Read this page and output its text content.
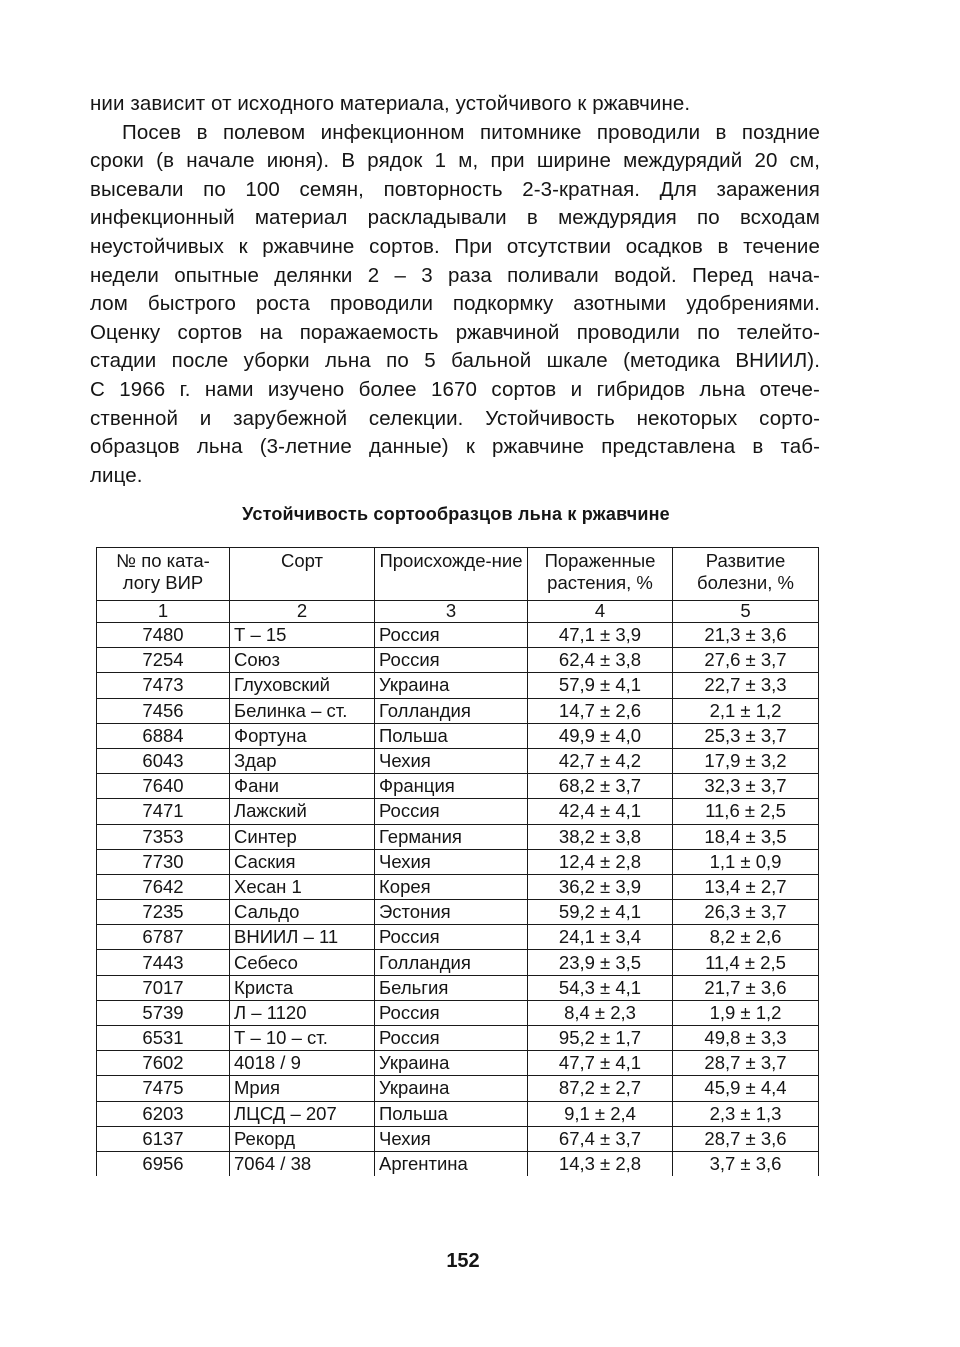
нии зависит от исходного материала, устойчивого к ржавчине.
Посев в полевом инфекционном питомнике проводили в поздние
сроки (в начале июня). В рядок 1 м, при ширине междурядий 20 см,
высевали по 100 семян, повторность 2-3-кратная. Для заражения
инфекционный материал раскладывали в междурядия по всходам
неустойчивых к ржавчине сортов. При отсутствии осадков в течение
недели опытные делянки 2 – 3 раза поливали водой. Перед нача-
лом быстрого роста проводили подкормку азотными удобрениями.
Оценку сортов на поражаемость ржавчиной проводили по телейто-
стадии после уборки льна по 5 бальной шкале (методика ВНИИЛ).
С 1966 г. нами изучено более 1670 сортов и гибридов льна отече-
ственной и зарубежной селекции. Устойчивость некоторых сорто-
образцов льна (3-летние данные) к ржавчине представлена в таб-
лице.
Устойчивость сортообразцов льна к ржавчине
№ по ката-логу ВИР	Сорт	Происхожде-ние	Пораженные растения, %	Развитие болезни, %
1	2	3	4	5
7480	Т – 15	Россия	47,1 ± 3,9	21,3 ± 3,6
7254	Союз	Россия	62,4 ± 3,8	27,6 ± 3,7
7473	Глуховский	Украина	57,9 ± 4,1	22,7 ± 3,3
7456	Белинка – ст.	Голландия	14,7 ± 2,6	2,1 ± 1,2
6884	Фортуна	Польша	49,9 ± 4,0	25,3 ± 3,7
6043	Здар	Чехия	42,7 ± 4,2	17,9 ± 3,2
7640	Фани	Франция	68,2 ± 3,7	32,3 ± 3,7
7471	Лажский	Россия	42,4 ± 4,1	11,6 ± 2,5
7353	Синтер	Германия	38,2 ± 3,8	18,4 ± 3,5
7730	Саския	Чехия	12,4 ± 2,8	1,1 ± 0,9
7642	Хесан 1	Корея	36,2 ± 3,9	13,4 ± 2,7
7235	Сальдо	Эстония	59,2 ± 4,1	26,3 ± 3,7
6787	ВНИИЛ – 11	Россия	24,1 ± 3,4	8,2 ± 2,6
7443	Себесо	Голландия	23,9 ± 3,5	11,4 ± 2,5
7017	Криста	Бельгия	54,3 ± 4,1	21,7 ± 3,6
5739	Л – 1120	Россия	8,4 ± 2,3	1,9 ± 1,2
6531	Т – 10 – ст.	Россия	95,2 ± 1,7	49,8 ± 3,3
7602	4018 / 9	Украина	47,7 ± 4,1	28,7 ± 3,7
7475	Мрия	Украина	87,2 ± 2,7	45,9 ± 4,4
6203	ЛЦСД – 207	Польша	9,1 ± 2,4	2,3 ± 1,3
6137	Рекорд	Чехия	67,4 ± 3,7	28,7 ± 3,6
6956	7064 / 38	Аргентина	14,3 ± 2,8	3,7 ± 3,6
152
